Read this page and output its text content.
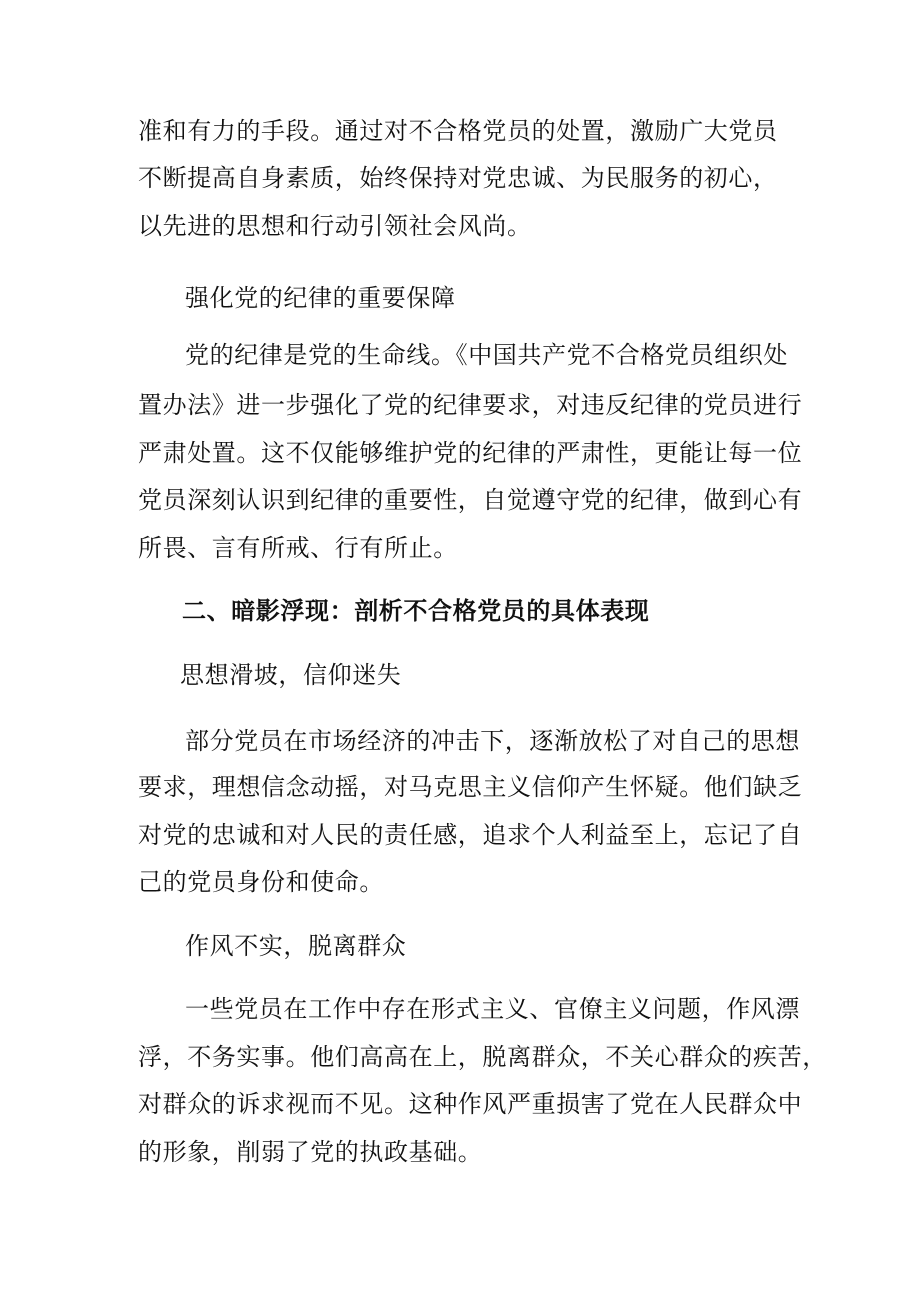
准和有力的手段。通过对不合格党员的处置，激励广大党员
不断提高自身素质，始终保持对党忠诚、为民服务的初心，
以先进的思想和行动引领社会风尚。
强化党的纪律的重要保障
党的纪律是党的生命线。《中国共产党不合格党员组织处
置办法》进一步强化了党的纪律要求，对违反纪律的党员进行
严肃处置。这不仅能够维护党的纪律的严肃性，更能让每一位
党员深刻认识到纪律的重要性，自觉遵守党的纪律，做到心有
所畏、言有所戒、行有所止。
二、暗影浮现：剖析不合格党员的具体表现
思想滑坡，信仰迷失
部分党员在市场经济的冲击下，逐渐放松了对自己的思想
要求，理想信念动摇，对马克思主义信仰产生怀疑。他们缺乏
对党的忠诚和对人民的责任感，追求个人利益至上，忘记了自
己的党员身份和使命。
作风不实，脱离群众
一些党员在工作中存在形式主义、官僚主义问题，作风漂
浮，不务实事。他们高高在上，脱离群众，不关心群众的疾苦，
对群众的诉求视而不见。这种作风严重损害了党在人民群众中
的形象，削弱了党的执政基础。
